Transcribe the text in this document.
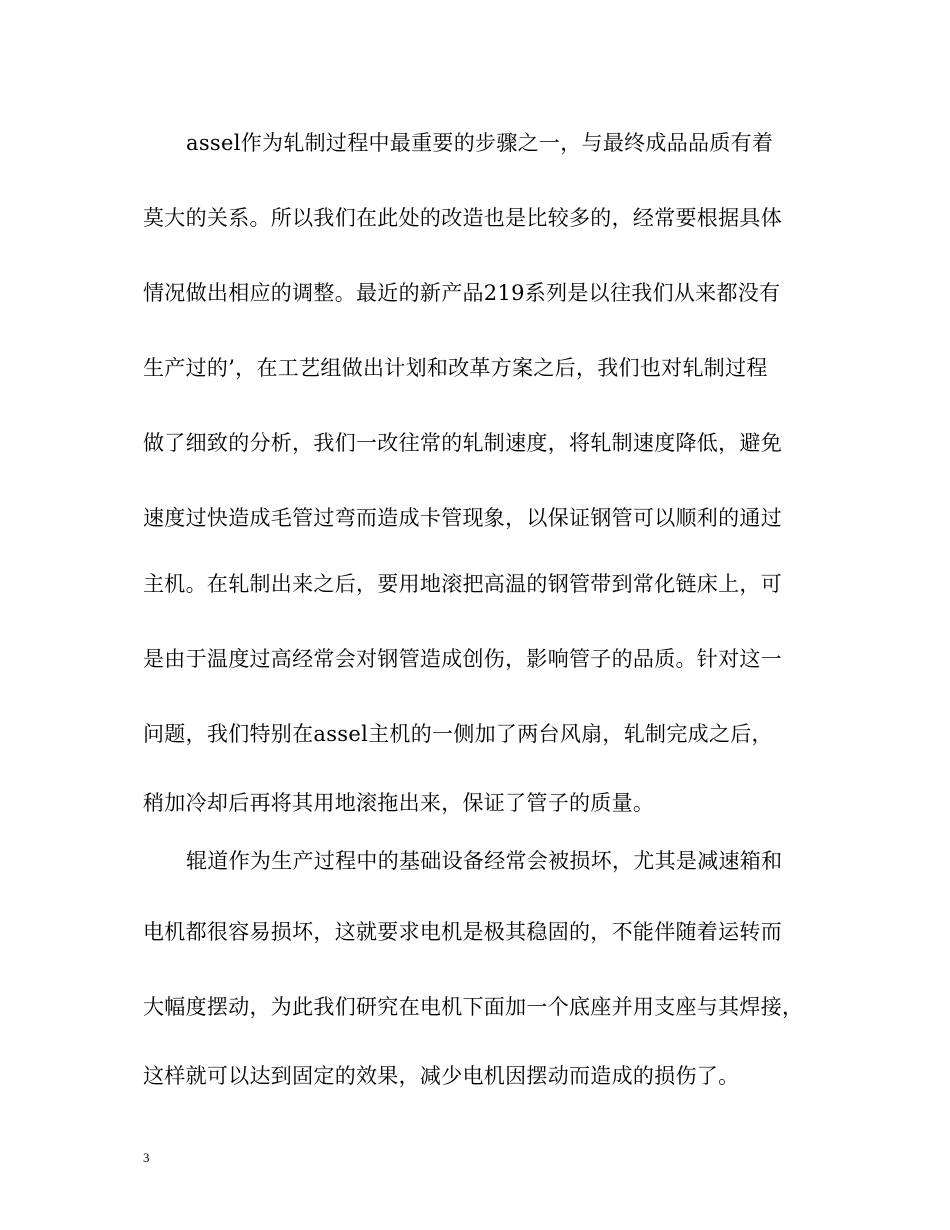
assel作为轧制过程中最重要的步骤之一，与最终成品品质有着
莫大的关系。所以我们在此处的改造也是比较多的，经常要根据具体
情况做出相应的调整。最近的新产品219系列是以往我们从来都没有
生产过的’，在工艺组做出计划和改革方案之后，我们也对轧制过程
做了细致的分析，我们一改往常的轧制速度，将轧制速度降低，避免
速度过快造成毛管过弯而造成卡管现象，以保证钢管可以顺利的通过
主机。在轧制出来之后，要用地滚把高温的钢管带到常化链床上，可
是由于温度过高经常会对钢管造成创伤，影响管子的品质。针对这一
问题，我们特别在assel主机的一侧加了两台风扇，轧制完成之后，
稍加冷却后再将其用地滚拖出来，保证了管子的质量。
辊道作为生产过程中的基础设备经常会被损坏，尤其是减速箱和
电机都很容易损坏，这就要求电机是极其稳固的，不能伴随着运转而
大幅度摆动，为此我们研究在电机下面加一个底座并用支座与其焊接，
这样就可以达到固定的效果，减少电机因摆动而造成的损伤了。
3
